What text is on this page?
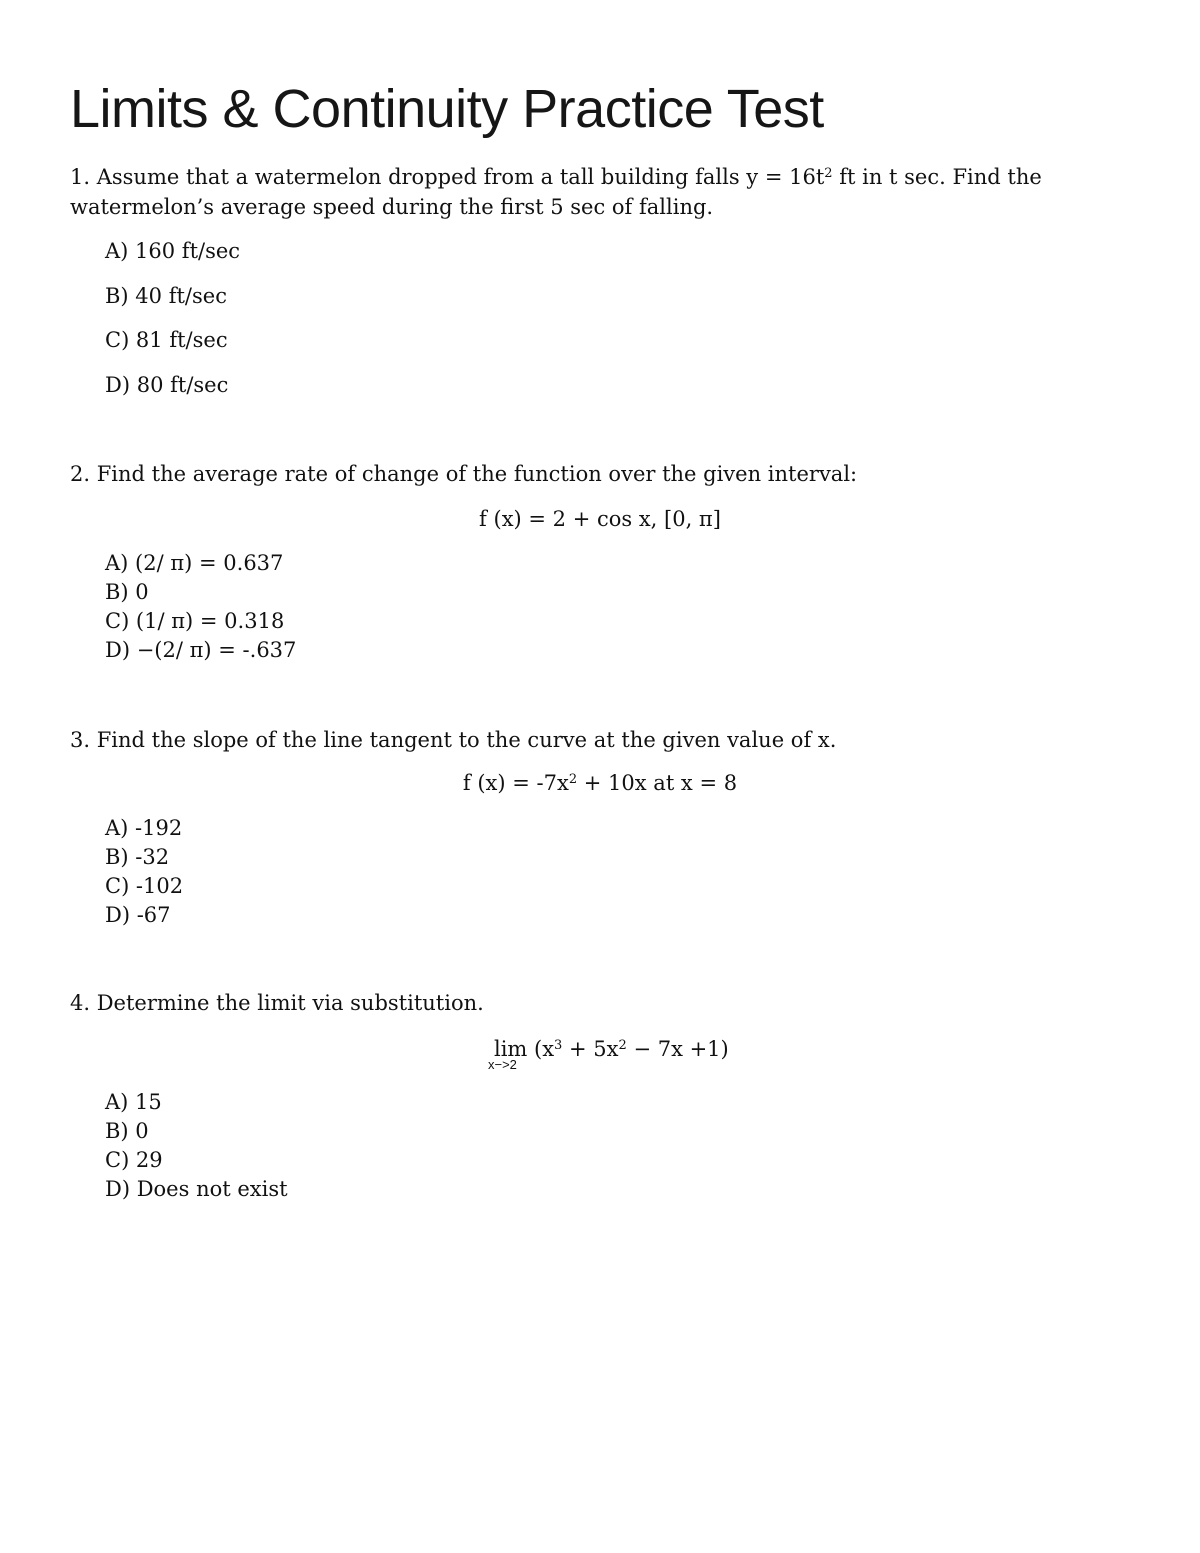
Limits & Continuity Practice Test
1. Assume that a watermelon dropped from a tall building falls $y = 16t^2$ ft in t sec. Find the
watermelon’s average speed during the first 5 sec of falling.
A) 160 ft/sec
B) 40 ft/sec
C) 81 ft/sec
D) 80 ft/sec
2. Find the average rate of change of the function over the given interval:
f (x) = 2 + cos x, [0, π]
A) (2/ π) = 0.637
B) 0
C) (1/ π) = 0.318
D) −(2/ π) = -.637
3. Find the slope of the line tangent to the curve at the given value of x.
f $(x) = -7x^2 + 10x$ at x = 8
A) -192
B) -32
C) -102
D) -67
4. Determine the limit via substitution.
lim
x−>2
$(x^3 + 5x^2 - 7x +1)$
A) 15
B) 0
C) 29
D) Does not exist
